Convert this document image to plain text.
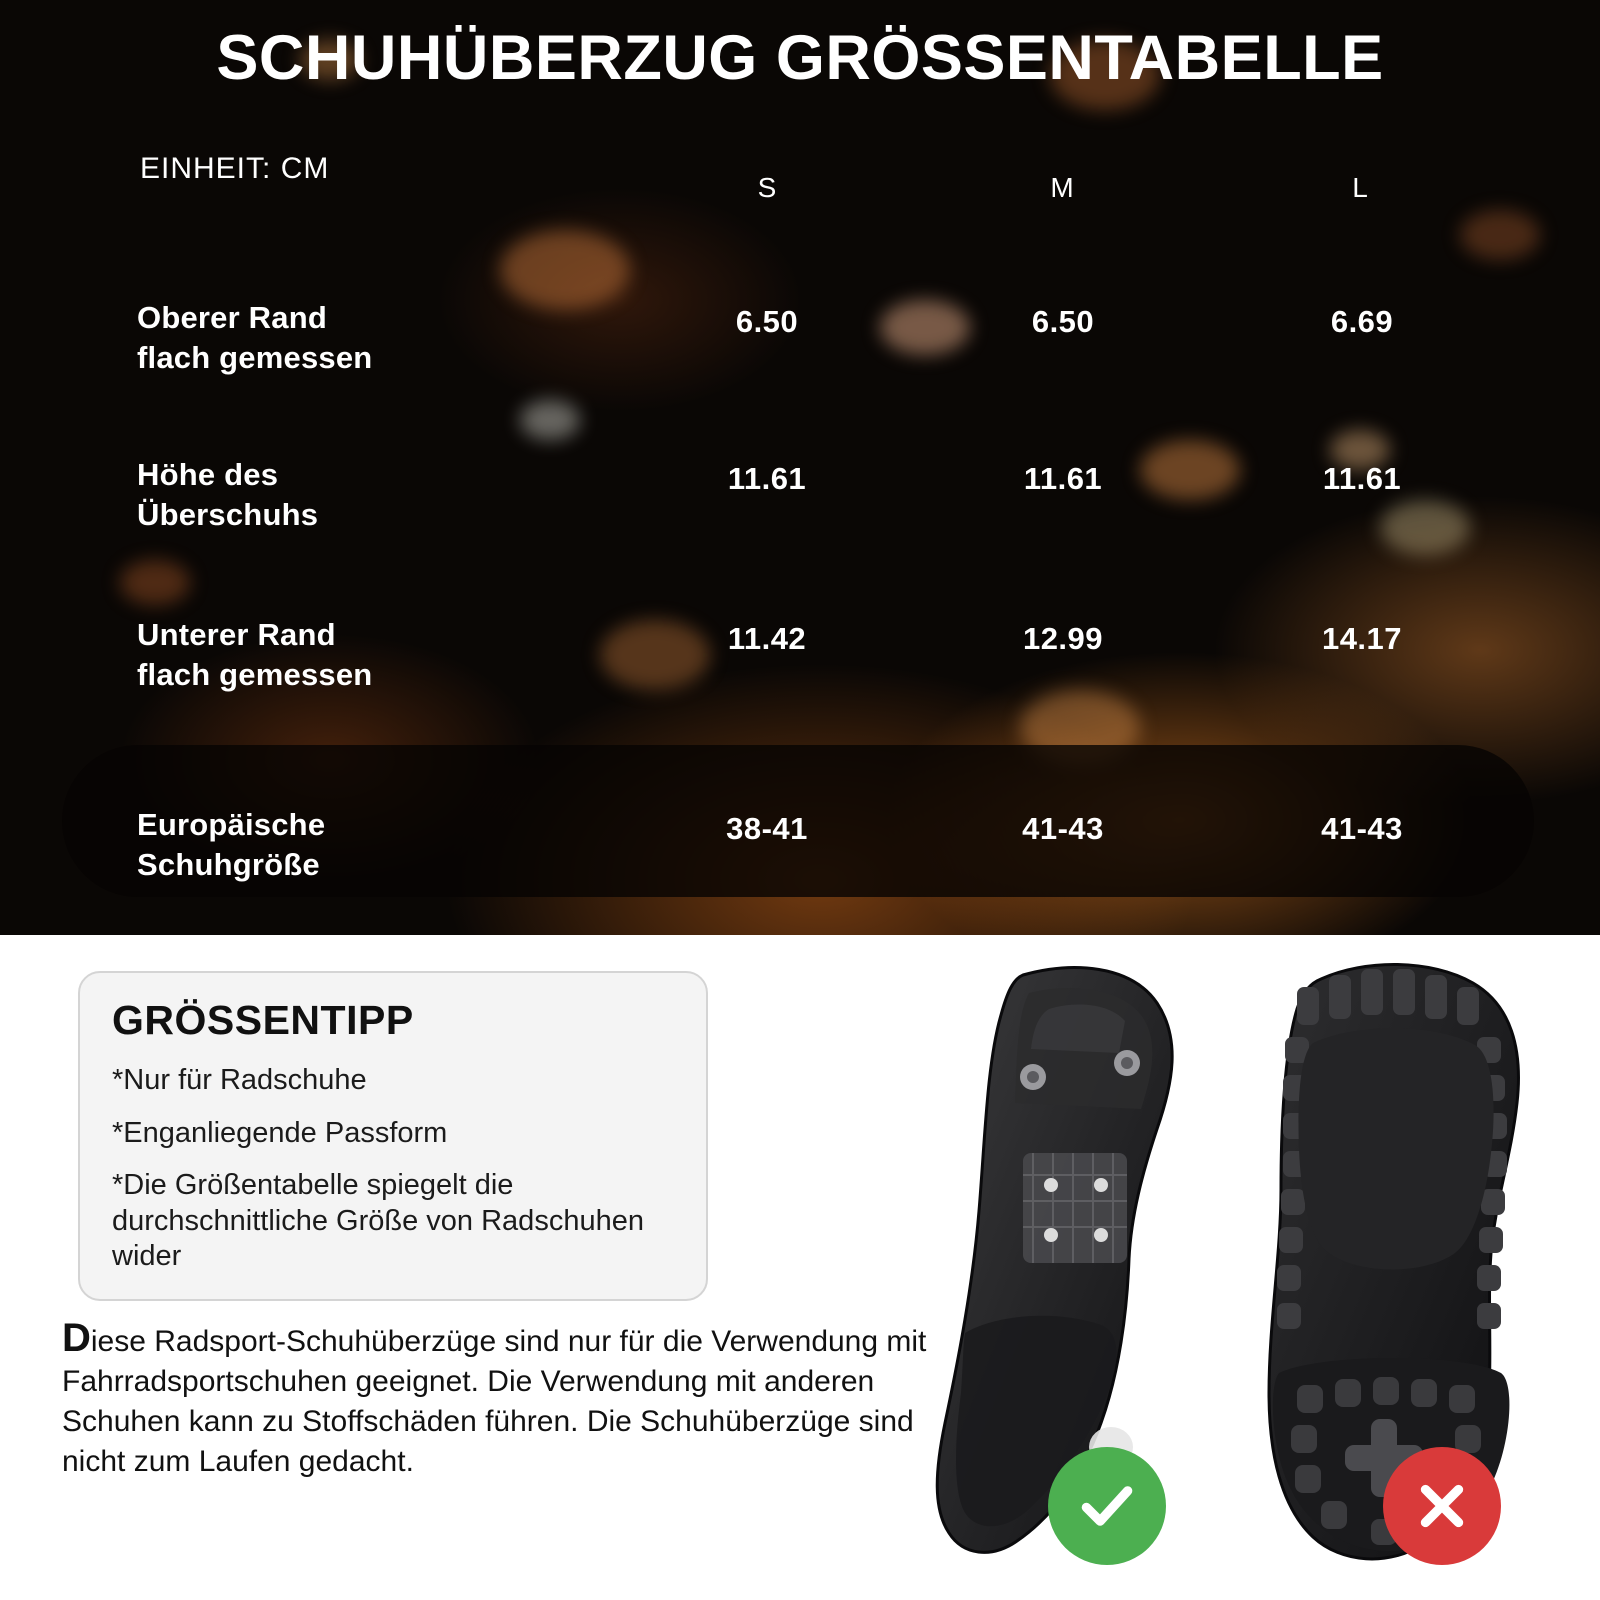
SCHUHÜBERZUG GRÖSSENTABELLE
EINHEIT: CM
S	M	L
Oberer Rand
flach gemessen
6.50	6.50	6.69
Höhe des
Überschuhs
11.61	11.61	11.61
Unterer Rand
flach gemessen
11.42	12.99	14.17
Europäische
Schuhgröße
38-41	41-43	41-43
GRÖSSENTIPP
*Nur für Radschuhe
*Enganliegende Passform
*Die Größentabelle spiegelt die durchschnittliche Größe von Radschuhen wider
Diese Radsport-Schuhüberzüge sind nur für die Verwendung mit Fahrradsportschuhen geeignet. Die Verwendung mit anderen Schuhen kann zu Stoffschäden führen. Die Schuhüberzüge sind nicht zum Laufen gedacht.
